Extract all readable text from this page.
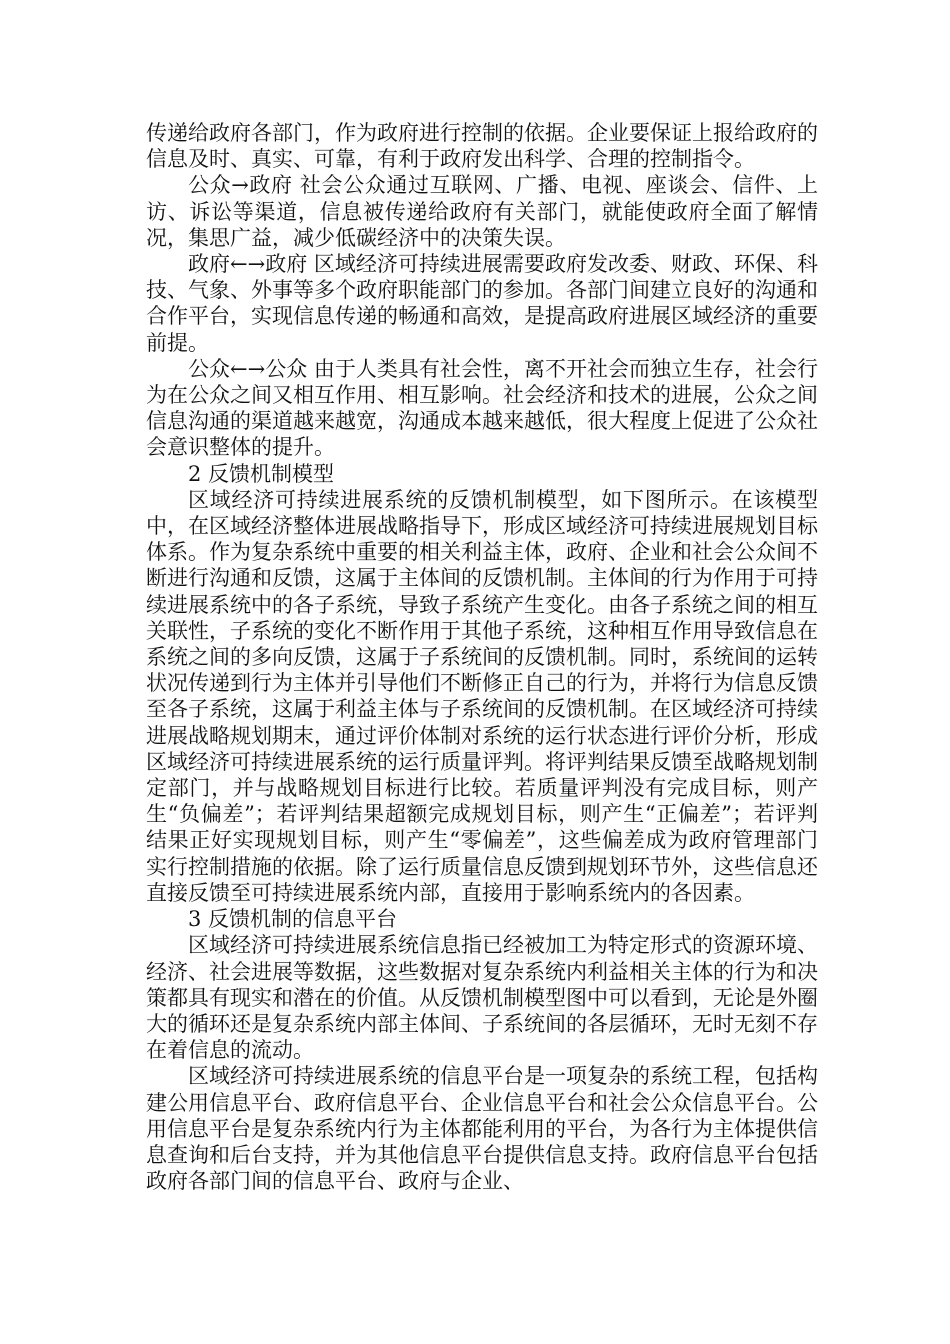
传递给政府各部门，作为政府进行控制的依据。企业要保证上报给政府的信息及时、真实、可靠，有利于政府发出科学、合理的控制指令。

公众→政府 社会公众通过互联网、广播、电视、座谈会、信件、上访、诉讼等渠道，信息被传递给政府有关部门，就能使政府全面了解情况，集思广益，减少低碳经济中的决策失误。

政府←→政府 区域经济可持续进展需要政府发改委、财政、环保、科技、气象、外事等多个政府职能部门的参加。各部门间建立良好的沟通和合作平台，实现信息传递的畅通和高效，是提高政府进展区域经济的重要前提。

公众←→公众 由于人类具有社会性，离不开社会而独立生存，社会行为在公众之间又相互作用、相互影响。社会经济和技术的进展，公众之间信息沟通的渠道越来越宽，沟通成本越来越低，很大程度上促进了公众社会意识整体的提升。

2 反馈机制模型

区域经济可持续进展系统的反馈机制模型，如下图所示。在该模型中，在区域经济整体进展战略指导下，形成区域经济可持续进展规划目标体系。作为复杂系统中重要的相关利益主体，政府、企业和社会公众间不断进行沟通和反馈，这属于主体间的反馈机制。主体间的行为作用于可持续进展系统中的各子系统，导致子系统产生变化。由各子系统之间的相互关联性，子系统的变化不断作用于其他子系统，这种相互作用导致信息在系统之间的多向反馈，这属于子系统间的反馈机制。同时，系统间的运转状况传递到行为主体并引导他们不断修正自己的行为，并将行为信息反馈至各子系统，这属于利益主体与子系统间的反馈机制。在区域经济可持续进展战略规划期末，通过评价体制对系统的运行状态进行评价分析，形成区域经济可持续进展系统的运行质量评判。将评判结果反馈至战略规划制定部门，并与战略规划目标进行比较。若质量评判没有完成目标，则产生“负偏差”；若评判结果超额完成规划目标，则产生“正偏差”；若评判结果正好实现规划目标，则产生“零偏差”，这些偏差成为政府管理部门实行控制措施的依据。除了运行质量信息反馈到规划环节外，这些信息还直接反馈至可持续进展系统内部，直接用于影响系统内的各因素。

3 反馈机制的信息平台

区域经济可持续进展系统信息指已经被加工为特定形式的资源环境、经济、社会进展等数据，这些数据对复杂系统内利益相关主体的行为和决策都具有现实和潜在的价值。从反馈机制模型图中可以看到，无论是外圈大的循环还是复杂系统内部主体间、子系统间的各层循环，无时无刻不存在着信息的流动。

区域经济可持续进展系统的信息平台是一项复杂的系统工程，包括构建公用信息平台、政府信息平台、企业信息平台和社会公众信息平台。公用信息平台是复杂系统内行为主体都能利用的平台，为各行为主体提供信息查询和后台支持，并为其他信息平台提供信息支持。政府信息平台包括政府各部门间的信息平台、政府与企业、
